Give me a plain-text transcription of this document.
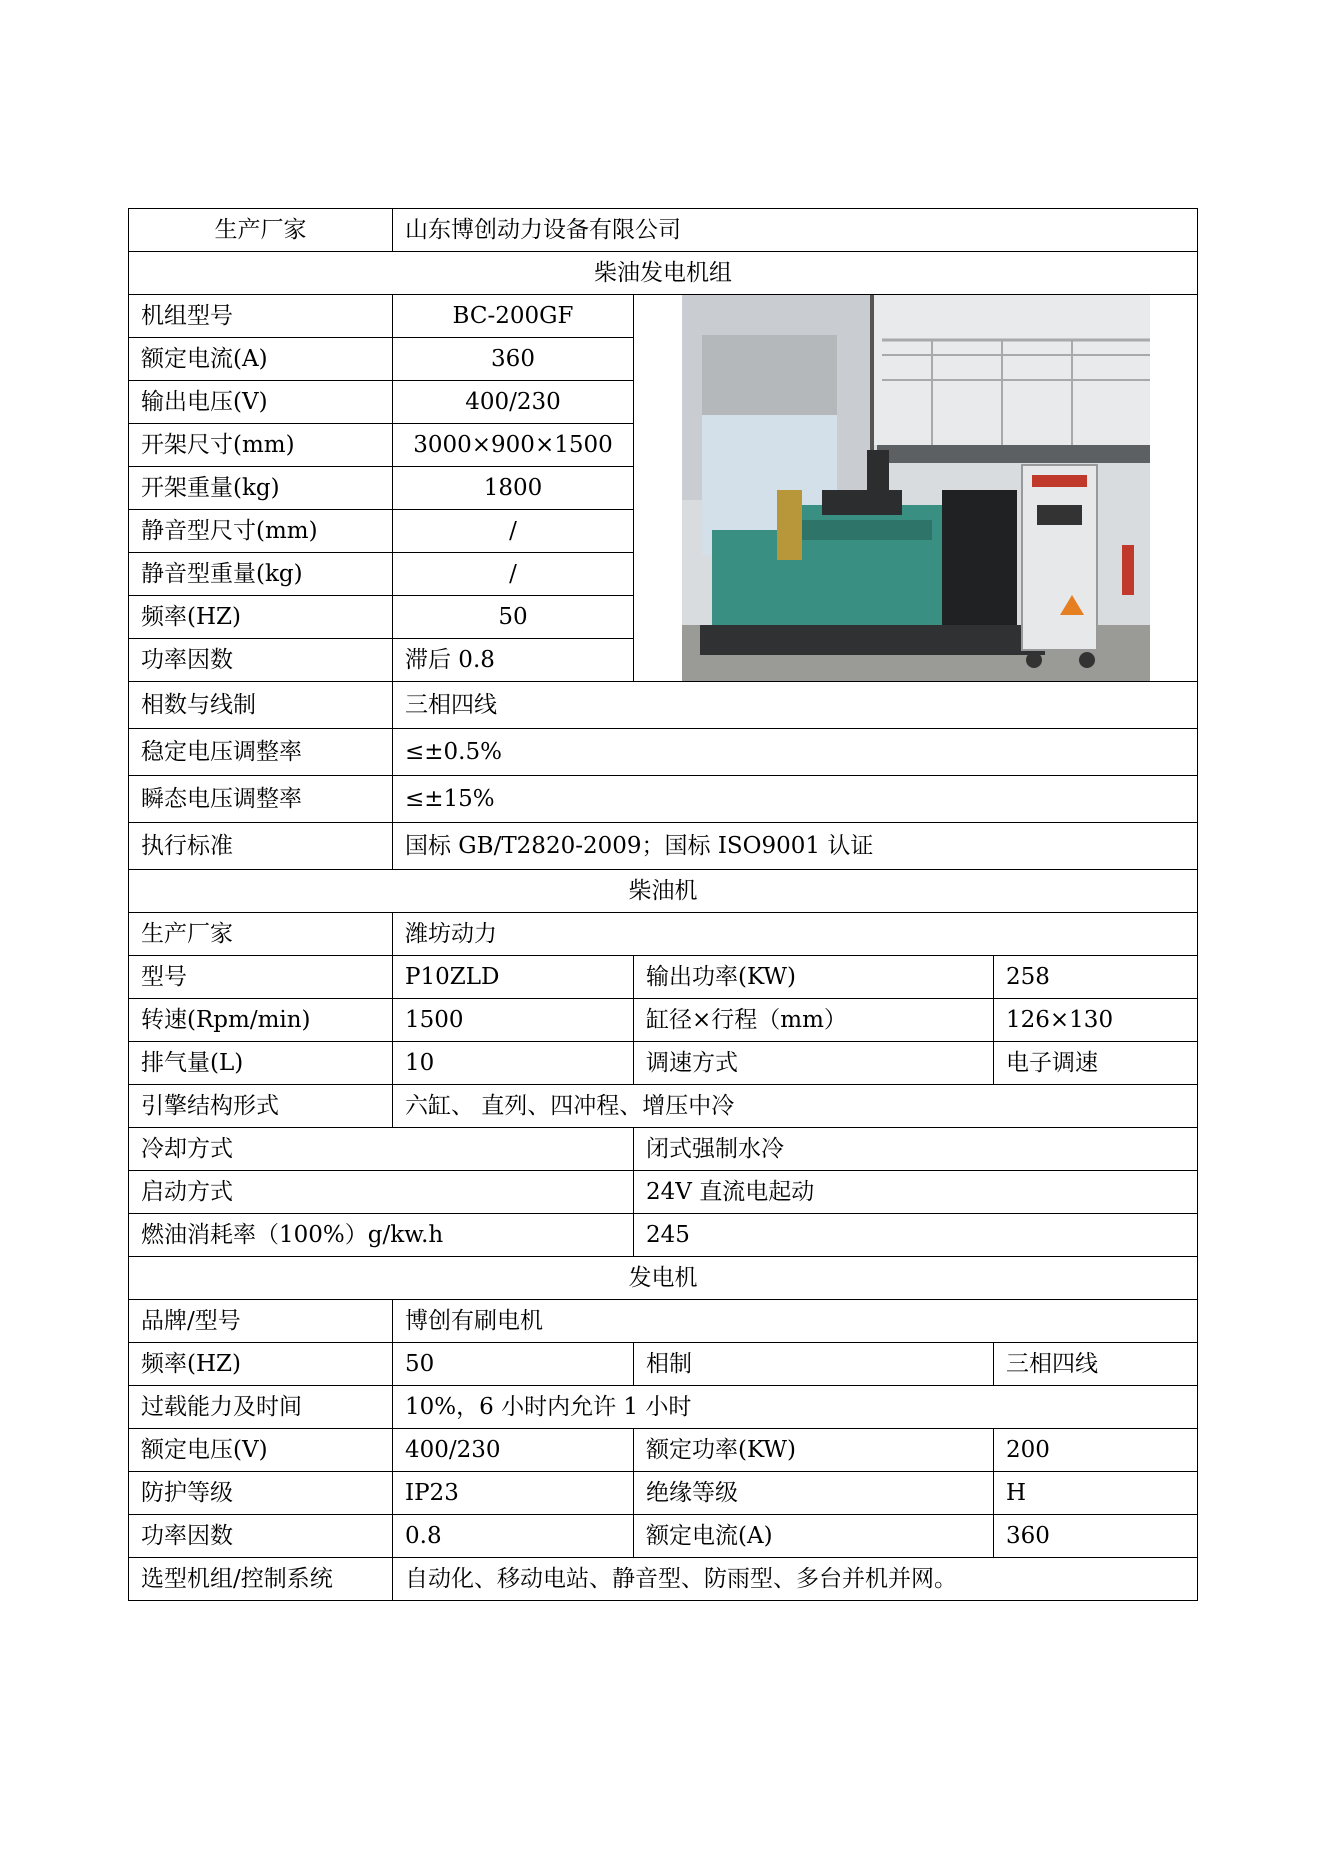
生产厂家	山东博创动力设备有限公司		
柴油发电机组			
机组型号	BC-200GF	

额定电流(A)	360		
输出电压(V)	400/230		
开架尺寸(mm)	3000×900×1500		
开架重量(kg)	1800		
静音型尺寸(mm)	/		
静音型重量(kg)	/		
频率(HZ)	50		
功率因数	滞后 0.8		
相数与线制	三相四线		
稳定电压调整率	≤±0.5%		
瞬态电压调整率	≤±15%		
执行标准	国标 GB/T2820-2009；国标 ISO9001 认证		
柴油机			
生产厂家	潍坊动力		
型号	P10ZLD	输出功率(KW)	258
转速(Rpm/min)	1500	缸径×行程（mm）	126×130
排气量(L)	10	调速方式	电子调速
引擎结构形式	六缸、 直列、四冲程、增压中冷		
冷却方式		闭式强制水冷	
启动方式		24V 直流电起动	
燃油消耗率（100%）g/kw.h		245	
发电机			
品牌/型号	博创有刷电机		
频率(HZ)	50	相制	三相四线
过载能力及时间	10%，6 小时内允许 1 小时		
额定电压(V)	400/230	额定功率(KW)	200
防护等级	IP23	绝缘等级	H
功率因数	0.8	额定电流(A)	360
选型机组/控制系统	自动化、移动电站、静音型、防雨型、多台并机并网。		
